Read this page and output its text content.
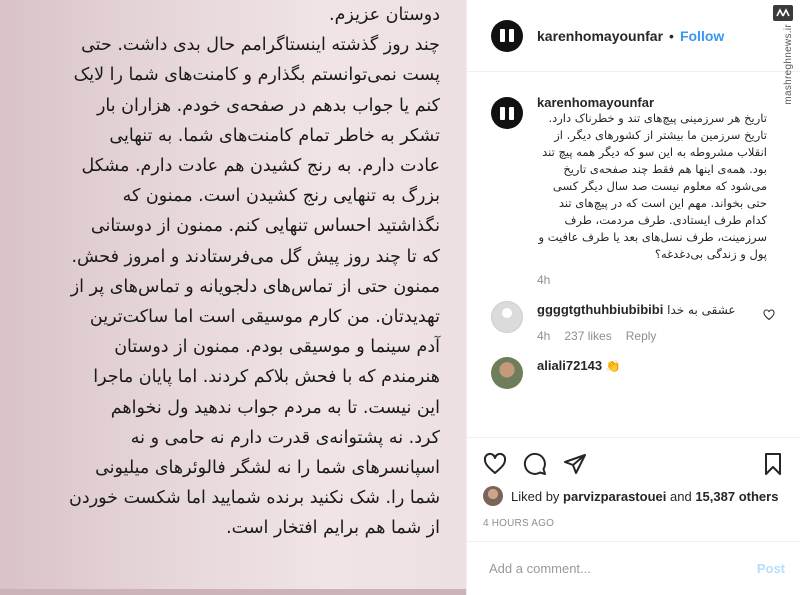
دوستان عزیزم.
چند روز گذشته اینستاگرامم حال بدی داشت. حتی
پست نمی‌توانستم بگذارم و کامنت‌های شما را لایک
کنم یا جواب بدهم در صفحه‌ی خودم. هزاران بار
تشکر به خاطر تمام کامنت‌های شما. به تنهایی
عادت دارم. به رنج کشیدن هم عادت دارم. مشکل
بزرگ به تنهایی رنج کشیدن است. ممنون که
نگذاشتید احساس تنهایی کنم. ممنون از دوستانی
که تا چند روز پیش گل می‌فرستادند و امروز فحش.
ممنون حتی از تماس‌های دلجویانه و تماس‌های پر از
تهدیدتان. من کارم موسیقی است اما ساکت‌ترین
آدم سینما و موسیقی بودم. ممنون از دوستان
هنرمندم که با فحش بلاکم کردند. اما پایان ماجرا
این نیست. تا به مردم جواب ندهید ول نخواهم
کرد. نه پشتوانه‌ی قدرت دارم نه حامی و نه
اسپانسرهای شما را نه لشگر فالوئرهای میلیونی
شما را. شک نکنید برنده شمایید اما شکست خوردن
از شما هم برایم افتخار است.
mashreghnews.ir
karenhomayounfar • Follow
karenhomayounfar
تاریخ هر سرزمینی پیچ‌های تند و خطرناک دارد. تاریخ سرزمین ما بیشتر از کشورهای دیگر. از انقلاب مشروطه به این سو که دیگر همه پیچ تند بود. همه‌ی اینها هم فقط چند صفحه‌ی تاریخ می‌شود که معلوم نیست صد سال دیگر کسی حتی بخواند. مهم این است که در پیچ‌های تند کدام طرف ایستادی. طرف مردمت، طرف سرزمینت، طرف نسل‌های بعد یا طرف عافیت و پول و زندگی بی‌دغدغه؟
4h
ggggtgthuhbiubibibi عشقی به خدا
4h 237 likes Reply
aliali72143 👏
Liked by parvizparastouei and 15,387 others
4 HOURS AGO
Add a comment...
Post
